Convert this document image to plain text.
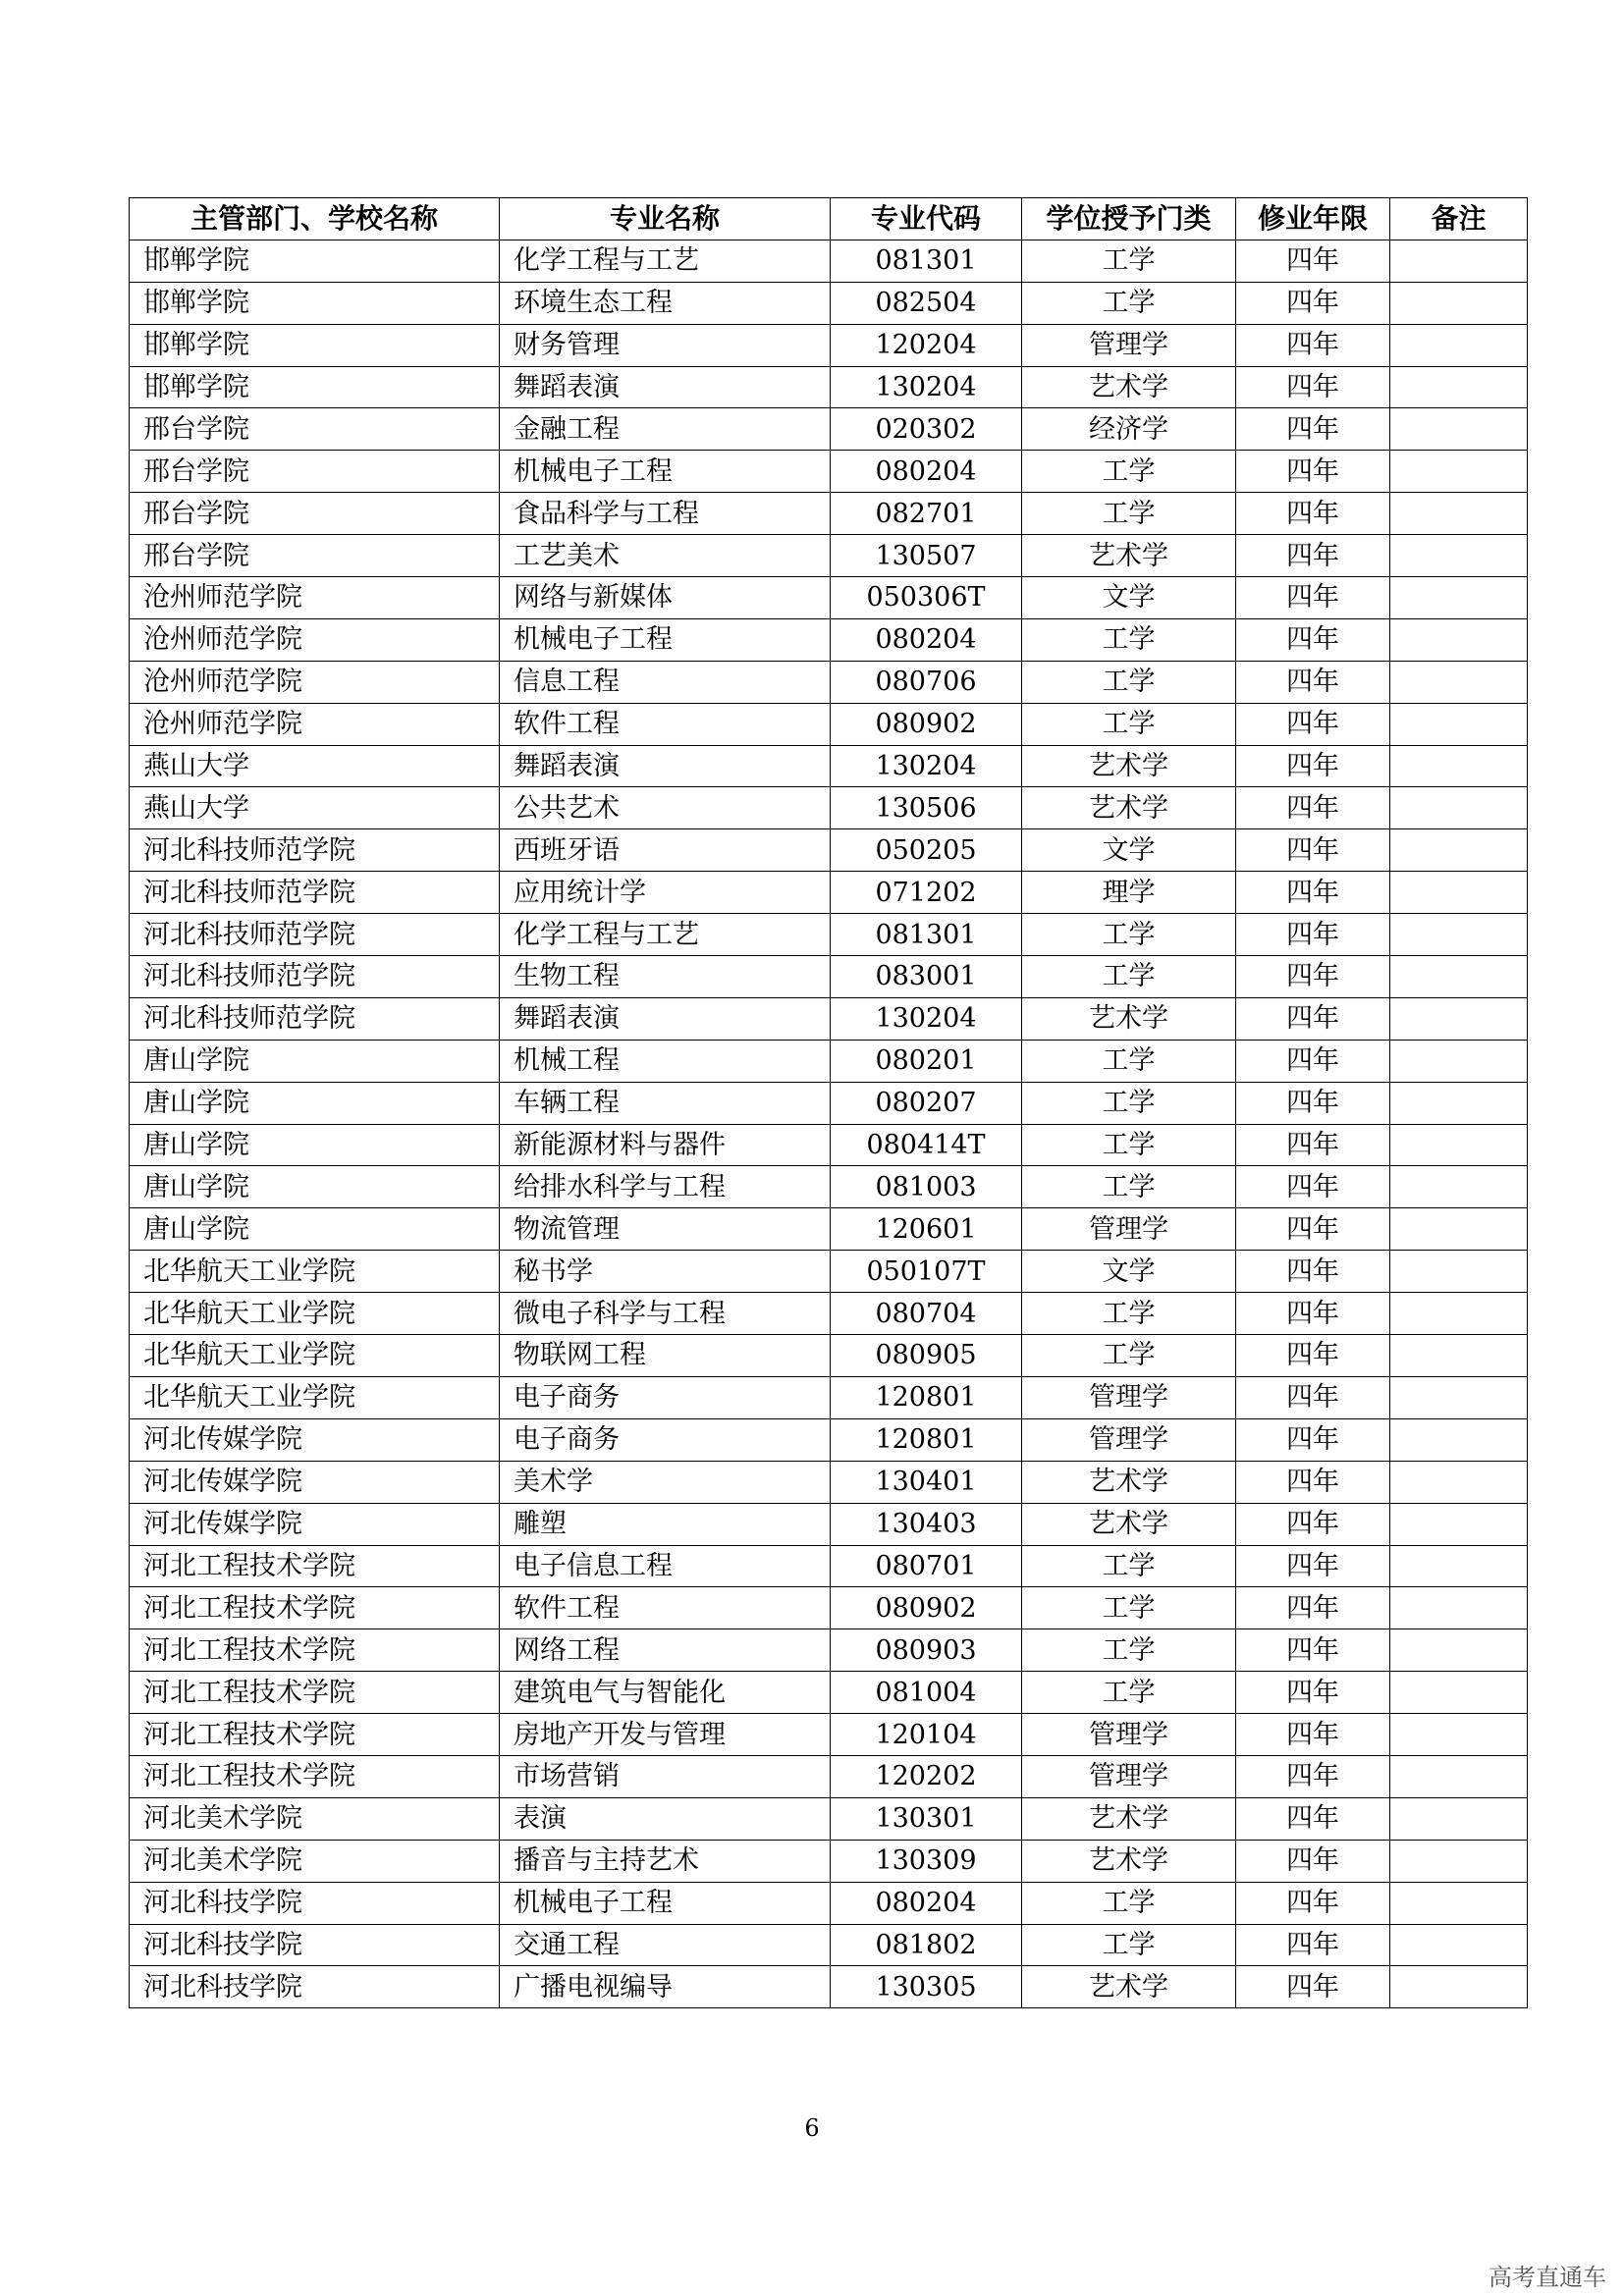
主管部门、学校名称	专业名称	专业代码	学位授予门类	修业年限	备注
邯郸学院	化学工程与工艺	081301	工学	四年	
邯郸学院	环境生态工程	082504	工学	四年	
邯郸学院	财务管理	120204	管理学	四年	
邯郸学院	舞蹈表演	130204	艺术学	四年	
邢台学院	金融工程	020302	经济学	四年	
邢台学院	机械电子工程	080204	工学	四年	
邢台学院	食品科学与工程	082701	工学	四年	
邢台学院	工艺美术	130507	艺术学	四年	
沧州师范学院	网络与新媒体	050306T	文学	四年	
沧州师范学院	机械电子工程	080204	工学	四年	
沧州师范学院	信息工程	080706	工学	四年	
沧州师范学院	软件工程	080902	工学	四年	
燕山大学	舞蹈表演	130204	艺术学	四年	
燕山大学	公共艺术	130506	艺术学	四年	
河北科技师范学院	西班牙语	050205	文学	四年	
河北科技师范学院	应用统计学	071202	理学	四年	
河北科技师范学院	化学工程与工艺	081301	工学	四年	
河北科技师范学院	生物工程	083001	工学	四年	
河北科技师范学院	舞蹈表演	130204	艺术学	四年	
唐山学院	机械工程	080201	工学	四年	
唐山学院	车辆工程	080207	工学	四年	
唐山学院	新能源材料与器件	080414T	工学	四年	
唐山学院	给排水科学与工程	081003	工学	四年	
唐山学院	物流管理	120601	管理学	四年	
北华航天工业学院	秘书学	050107T	文学	四年	
北华航天工业学院	微电子科学与工程	080704	工学	四年	
北华航天工业学院	物联网工程	080905	工学	四年	
北华航天工业学院	电子商务	120801	管理学	四年	
河北传媒学院	电子商务	120801	管理学	四年	
河北传媒学院	美术学	130401	艺术学	四年	
河北传媒学院	雕塑	130403	艺术学	四年	
河北工程技术学院	电子信息工程	080701	工学	四年	
河北工程技术学院	软件工程	080902	工学	四年	
河北工程技术学院	网络工程	080903	工学	四年	
河北工程技术学院	建筑电气与智能化	081004	工学	四年	
河北工程技术学院	房地产开发与管理	120104	管理学	四年	
河北工程技术学院	市场营销	120202	管理学	四年	
河北美术学院	表演	130301	艺术学	四年	
河北美术学院	播音与主持艺术	130309	艺术学	四年	
河北科技学院	机械电子工程	080204	工学	四年	
河北科技学院	交通工程	081802	工学	四年	
河北科技学院	广播电视编导	130305	艺术学	四年	
6
高考直通车
